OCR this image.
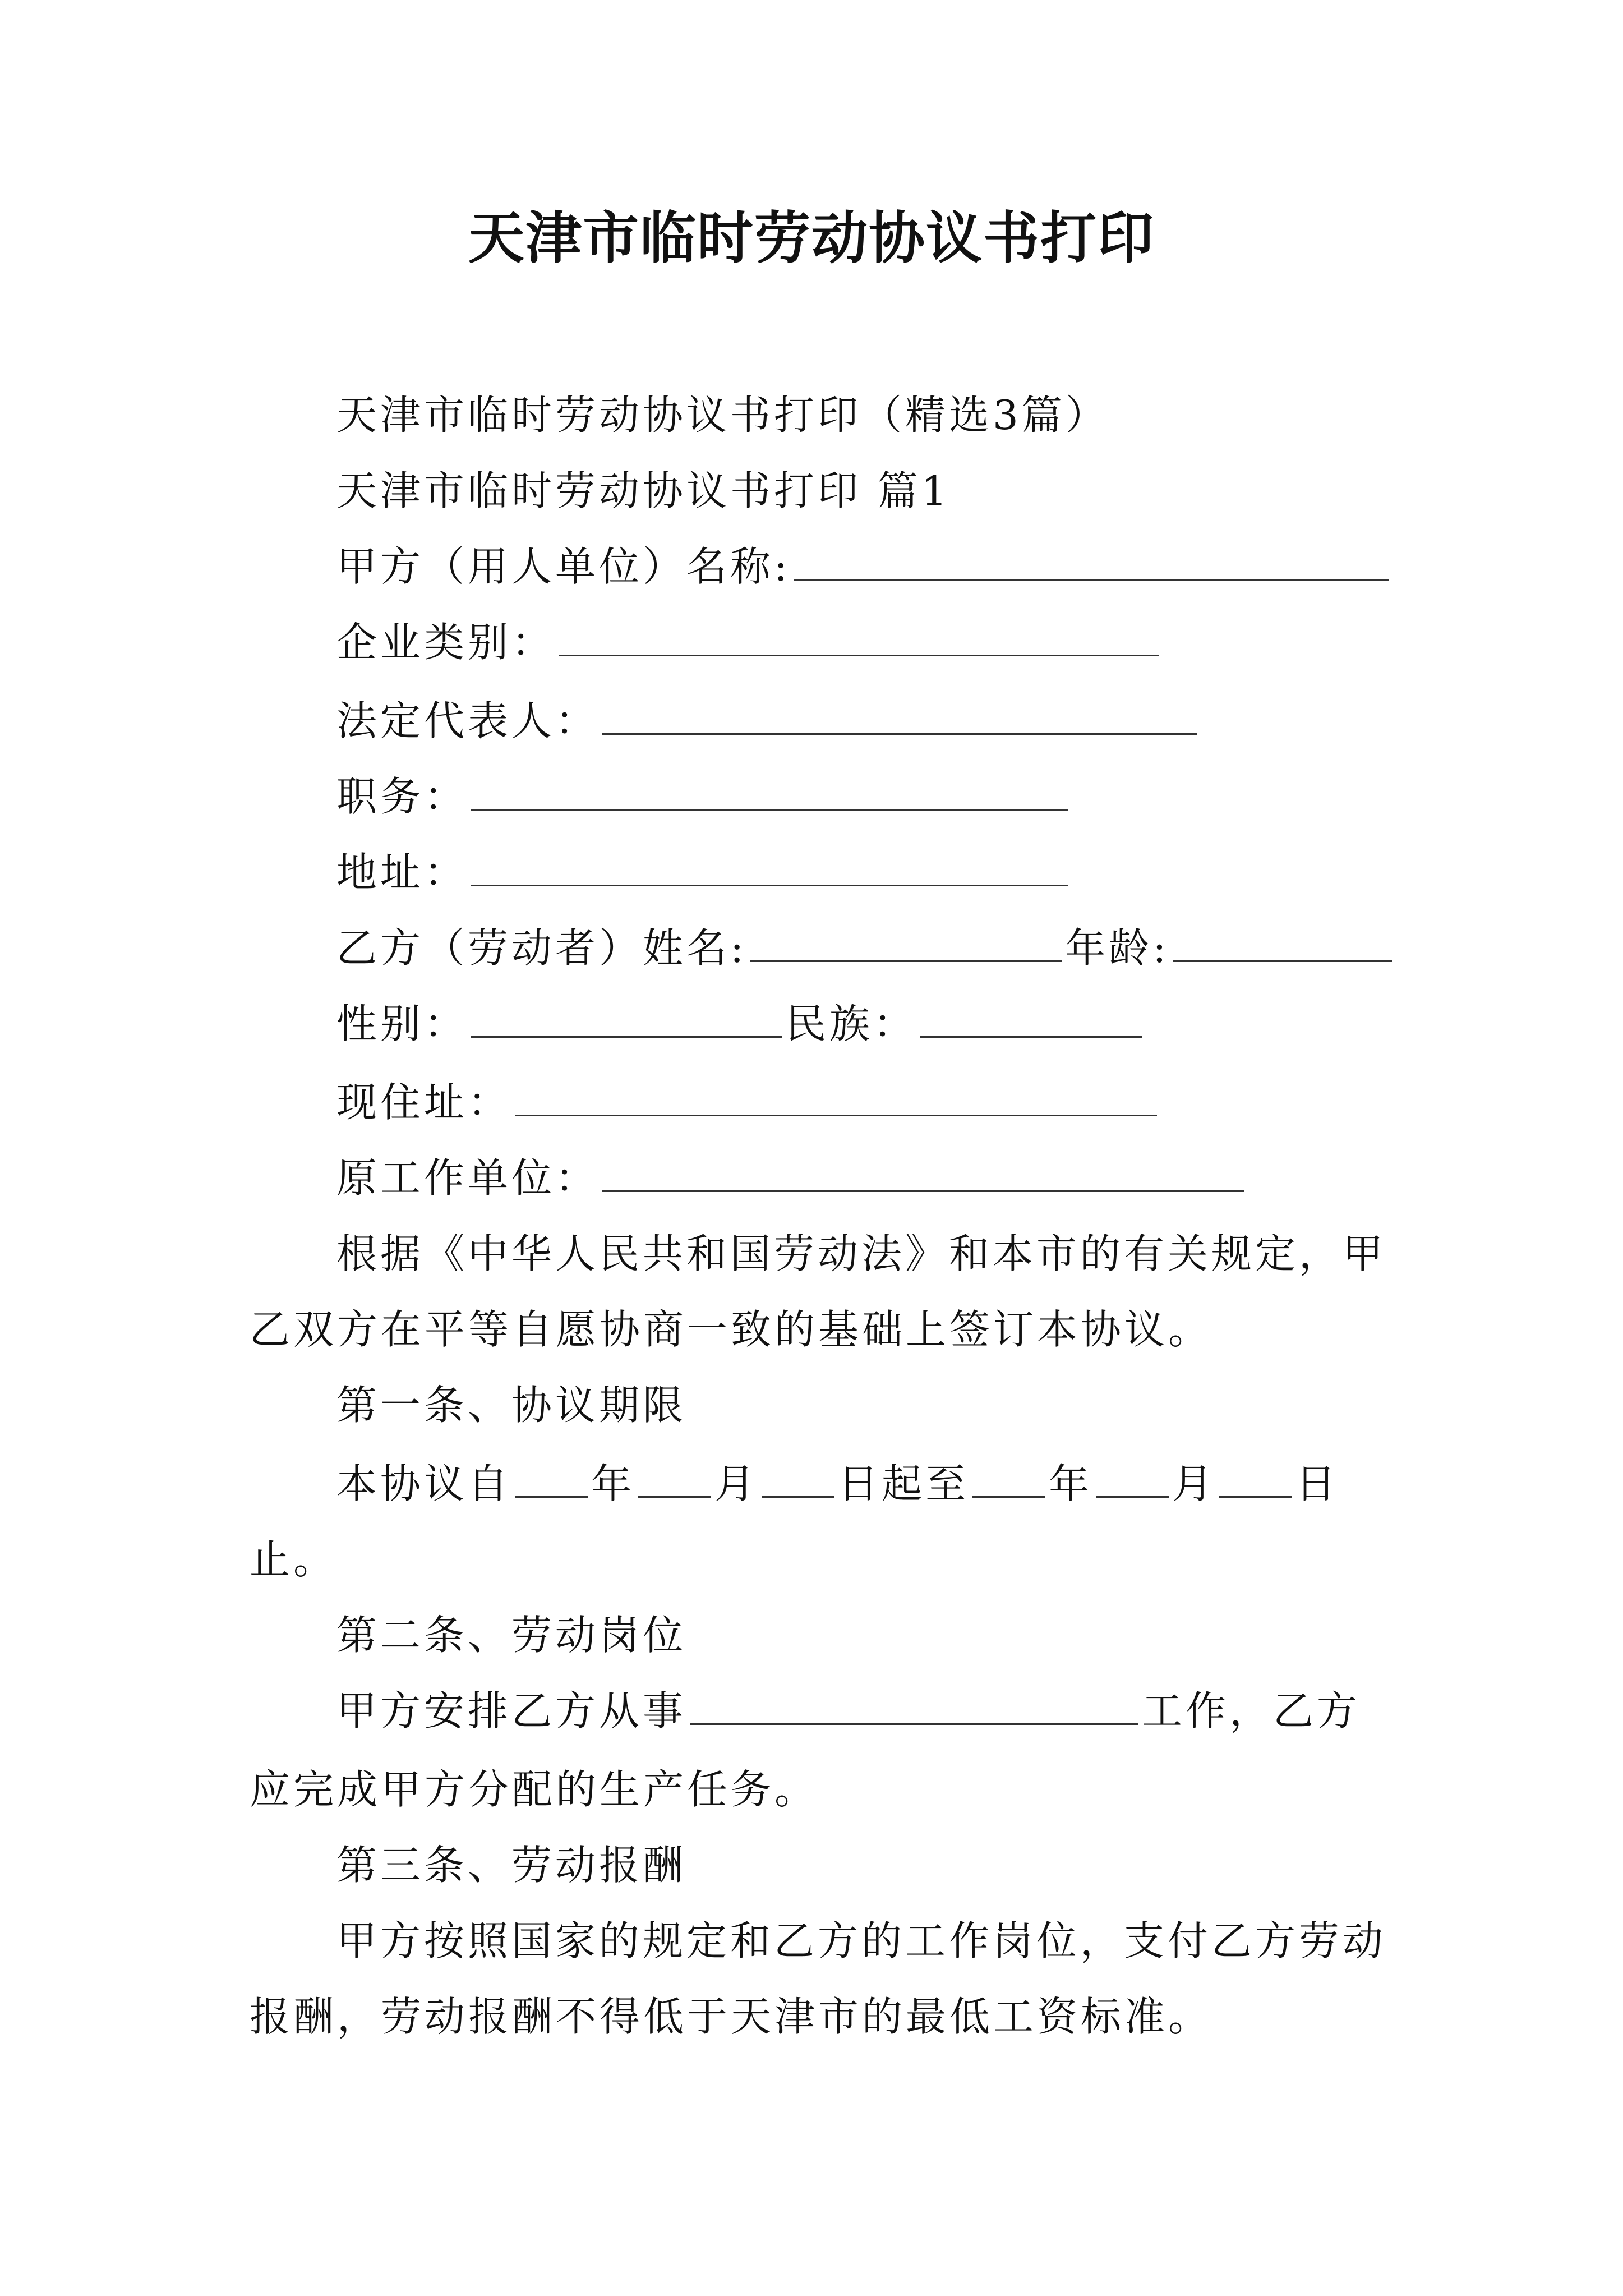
天津市临时劳动协议书打印
天津市临时劳动协议书打印（精选3篇）
天津市临时劳动协议书打印 篇1
甲方（用人单位）名称:
企业类别：
法定代表人：
职务：
地址：
乙方（劳动者）姓名:	年龄:
性别：	民族：
现住址：
原工作单位：
根据《中华人民共和国劳动法》和本市的有关规定，甲
乙双方在平等自愿协商一致的基础上签订本协议。
第一条、协议期限
本协议自 年 月 日起至 年 月 日
止。
第二条、劳动岗位
甲方安排乙方从事	工作，乙方
应完成甲方分配的生产任务。
第三条、劳动报酬
甲方按照国家的规定和乙方的工作岗位，支付乙方劳动
报酬，劳动报酬不得低于天津市的最低工资标准。
